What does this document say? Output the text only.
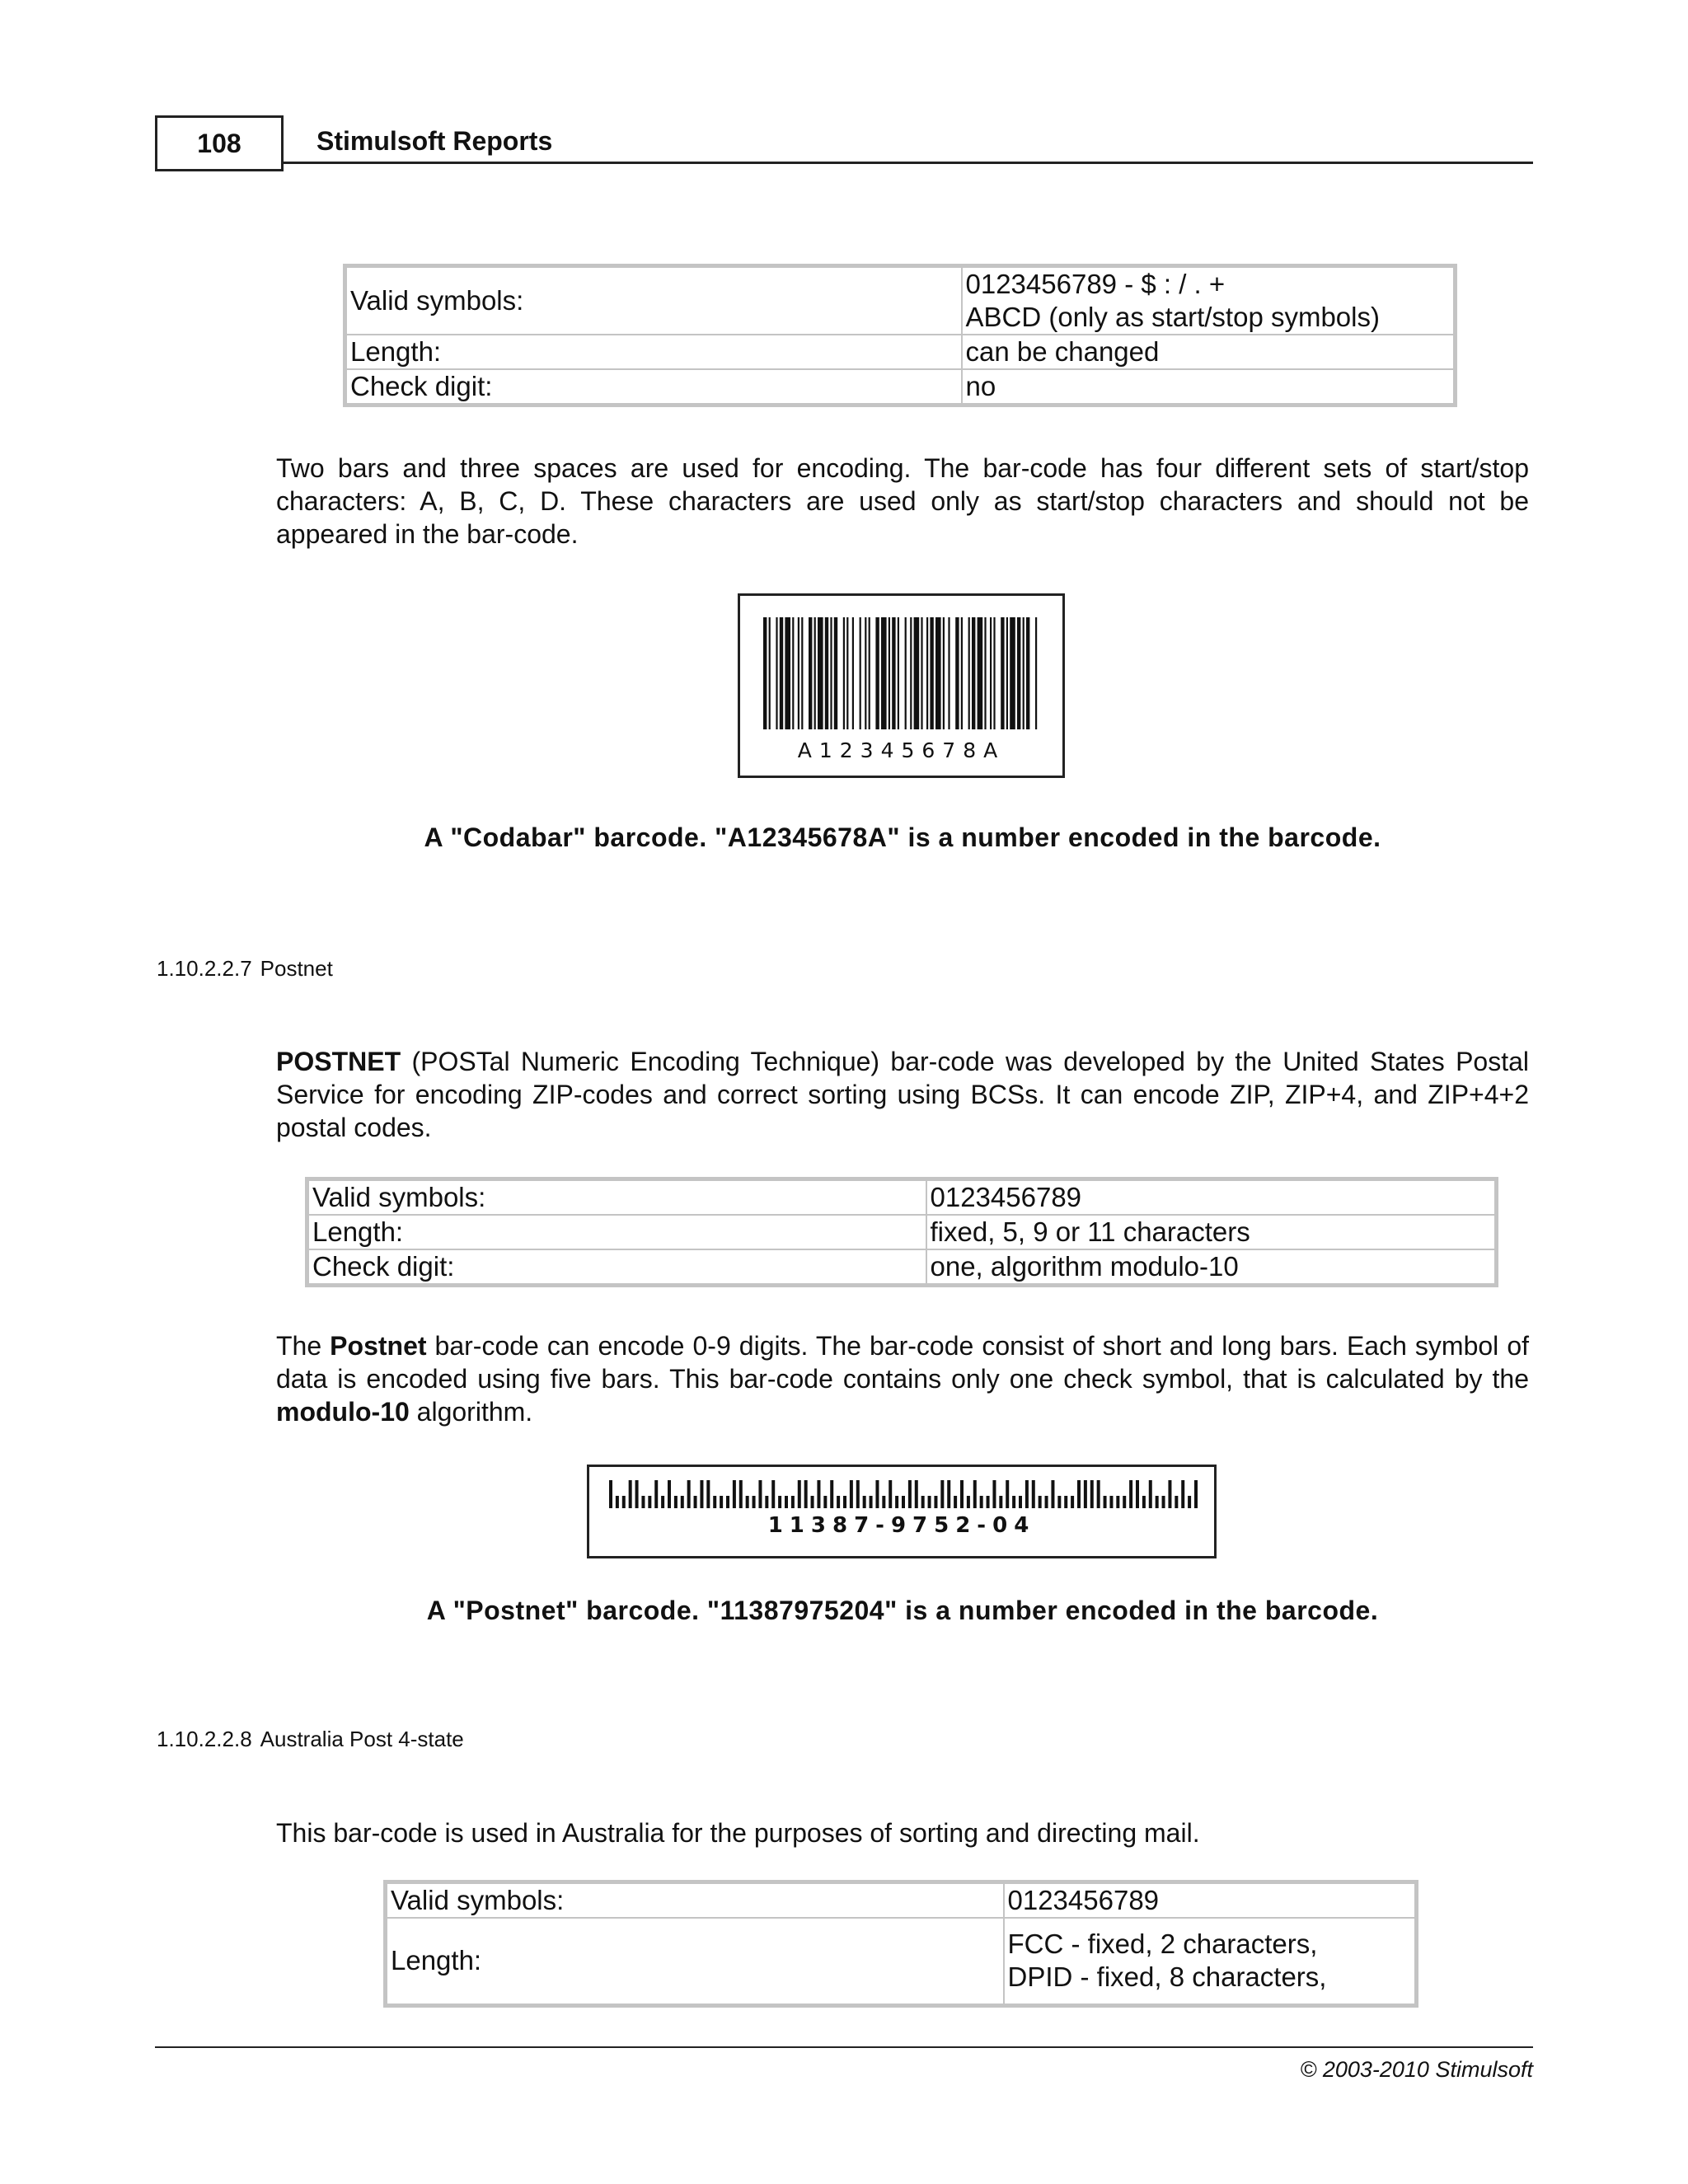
108	Stimulsoft Reports
Valid symbols:	0123456789 - $ : / . +
ABCD (only as start/stop symbols)

Length:	can be changed
Check digit:	no
Two bars and three spaces are used for encoding. The bar-code has four different sets of start/stop characters: A, B, C, D. These characters are used only as start/stop characters and should not be appeared in the bar-code.
A12345678A
A "Codabar" barcode. "A12345678A" is a number encoded in the barcode.
1.10.2.2.7 Postnet
POSTNET (POSTal Numeric Encoding Technique) bar-code was developed by the United States Postal Service for encoding ZIP-codes and correct sorting using BCSs. It can encode ZIP, ZIP+4, and ZIP+4+2 postal codes.
Valid symbols:	0123456789
Length:	fixed, 5, 9 or 11 characters
Check digit:	one, algorithm modulo-10
The Postnet bar-code can encode 0-9 digits. The bar-code consist of short and long bars. Each symbol of data is encoded using five bars. This bar-code contains only one check symbol, that is calculated by the modulo-10 algorithm.
11387-9752-04
A "Postnet" barcode. "11387975204" is a number encoded in the barcode.
1.10.2.2.8 Australia Post 4-state
This bar-code is used in Australia for the purposes of sorting and directing mail.
Valid symbols:	0123456789
Length:	FCC - fixed, 2 characters,
DPID - fixed, 8 characters,
© 2003-2010 Stimulsoft
